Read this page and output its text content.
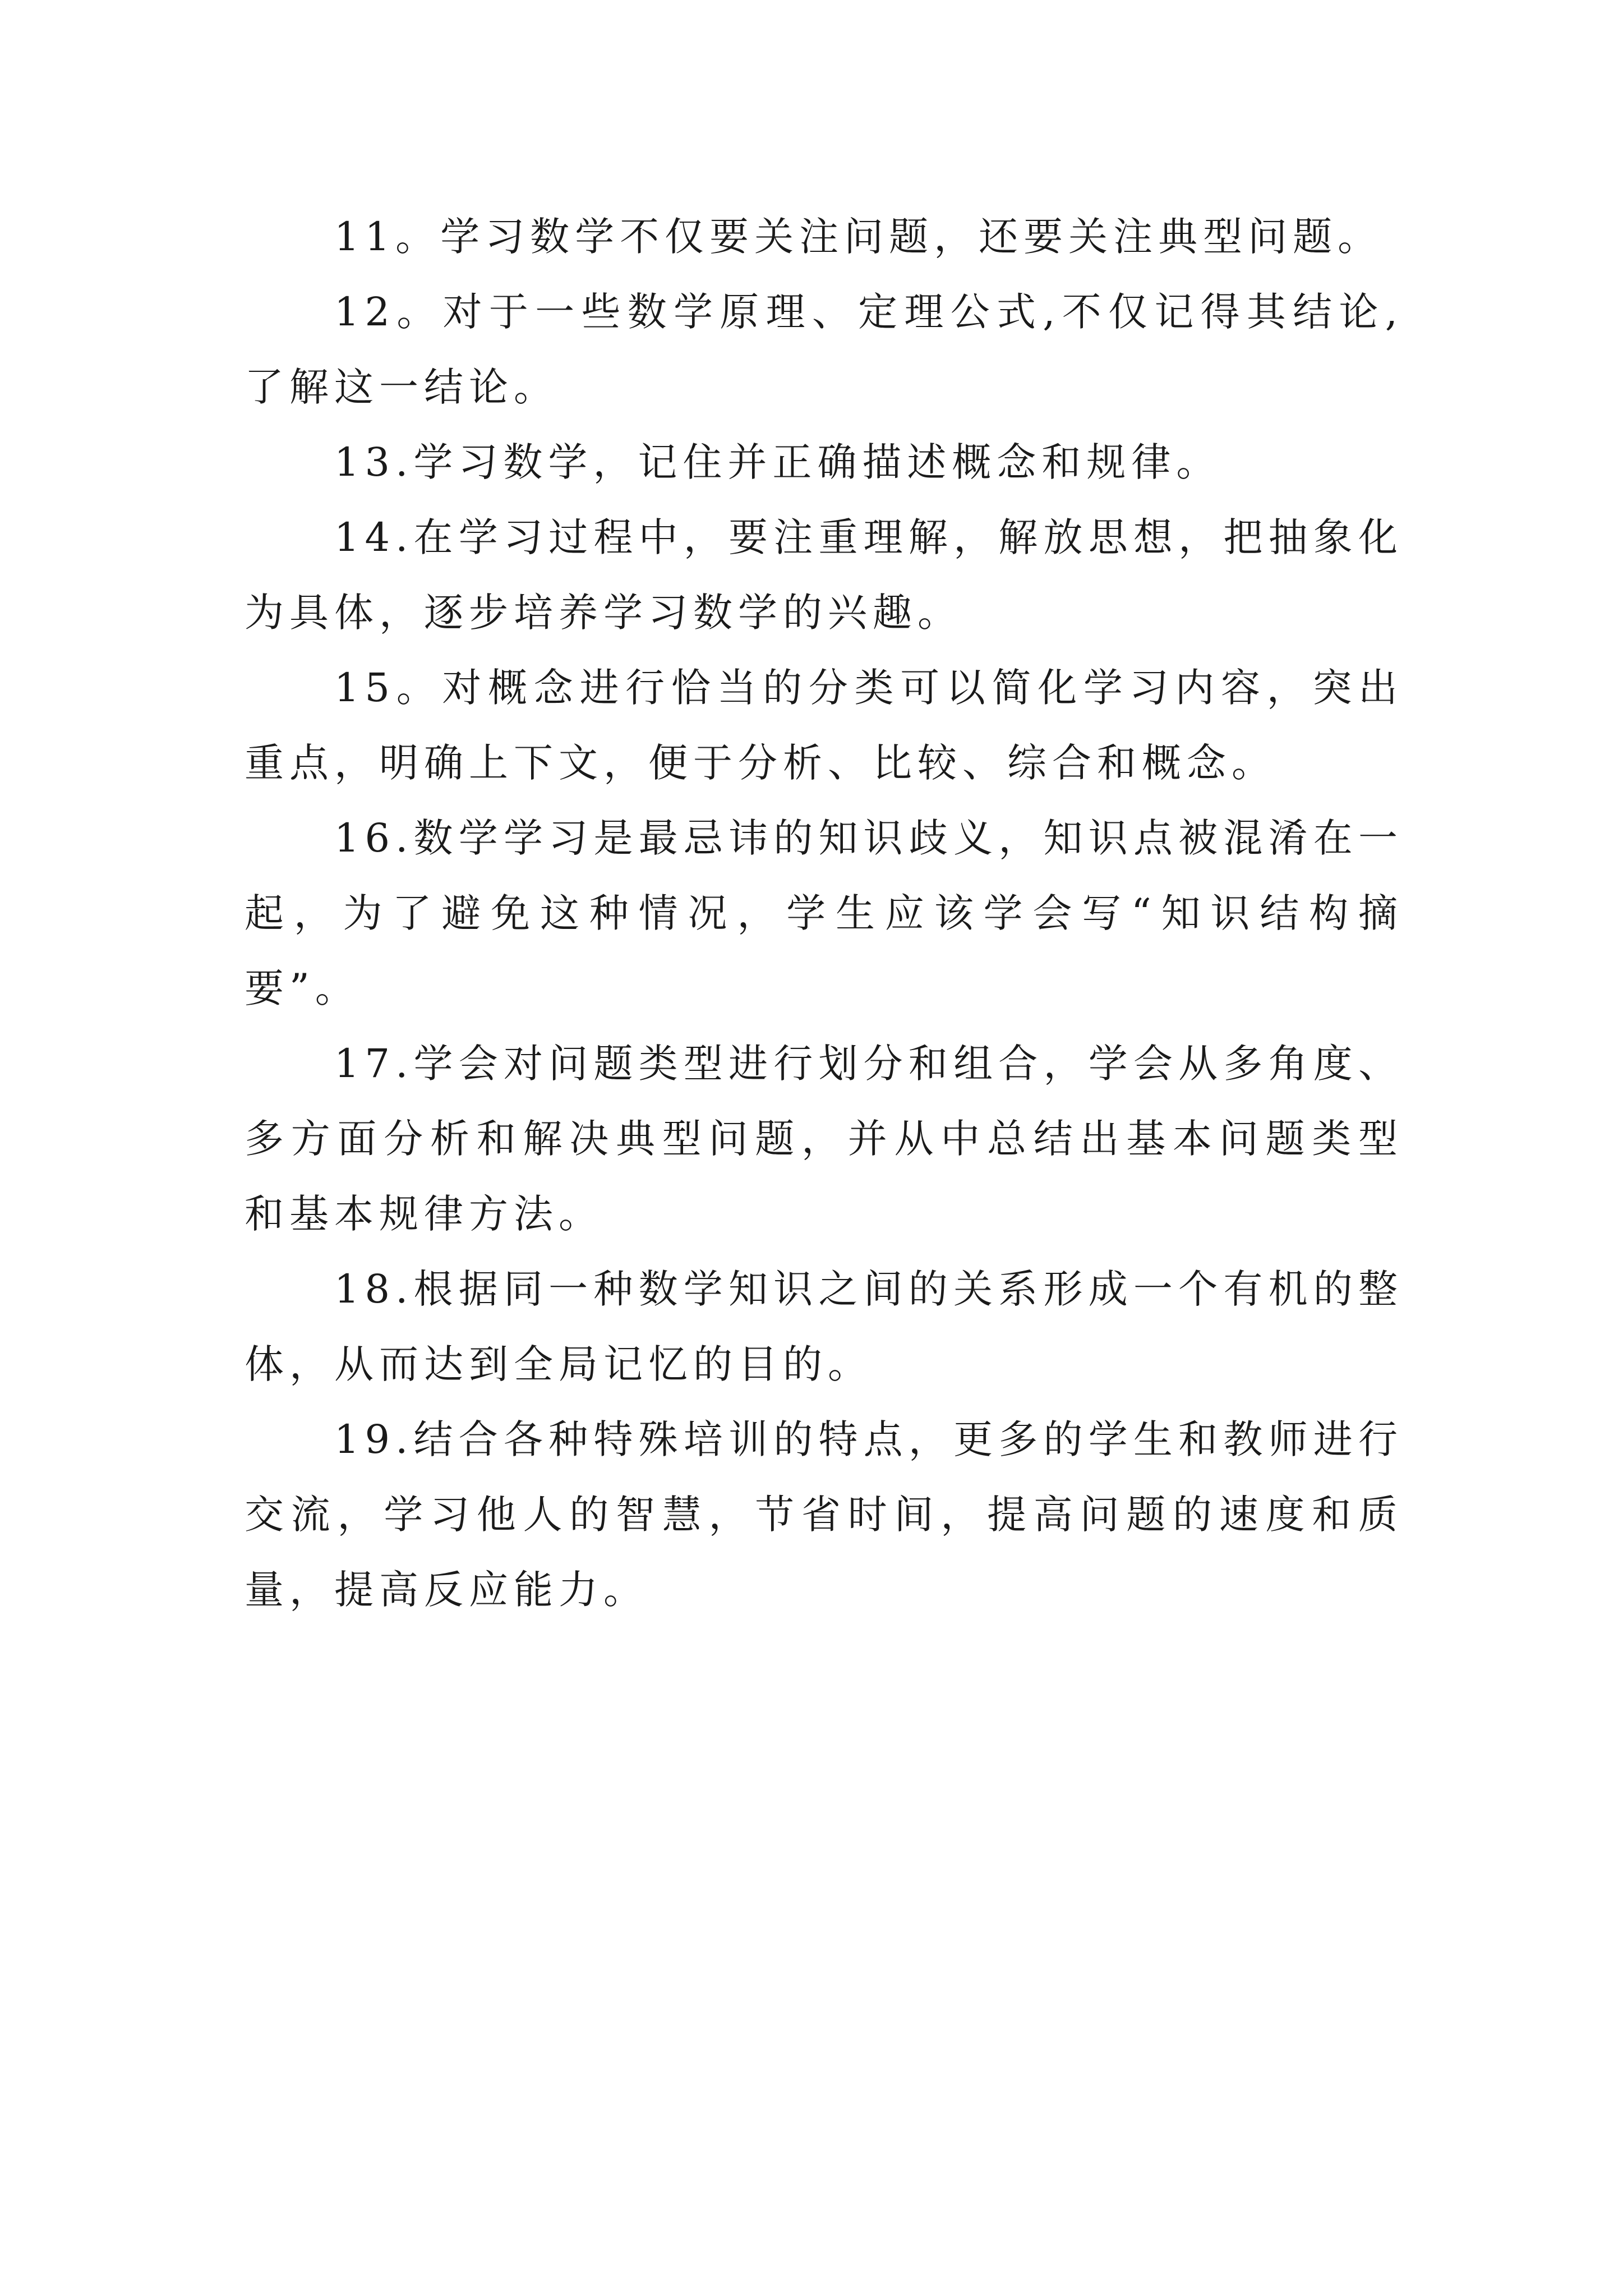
11。学习数学不仅要关注问题，还要关注典型问题。

12。对于一些数学原理、定理公式,不仅记得其结论,了解这一结论。

13.学习数学，记住并正确描述概念和规律。

14.在学习过程中，要注重理解，解放思想，把抽象化为具体，逐步培养学习数学的兴趣。

15。对概念进行恰当的分类可以简化学习内容，突出重点，明确上下文，便于分析、比较、综合和概念。

16.数学学习是最忌讳的知识歧义，知识点被混淆在一起，为了避免这种情况，学生应该学会写“知识结构摘要”。

17.学会对问题类型进行划分和组合，学会从多角度、多方面分析和解决典型问题，并从中总结出基本问题类型和基本规律方法。

18.根据同一种数学知识之间的关系形成一个有机的整体，从而达到全局记忆的目的。

19.结合各种特殊培训的特点，更多的学生和教师进行交流，学习他人的智慧，节省时间，提高问题的速度和质量，提高反应能力。
